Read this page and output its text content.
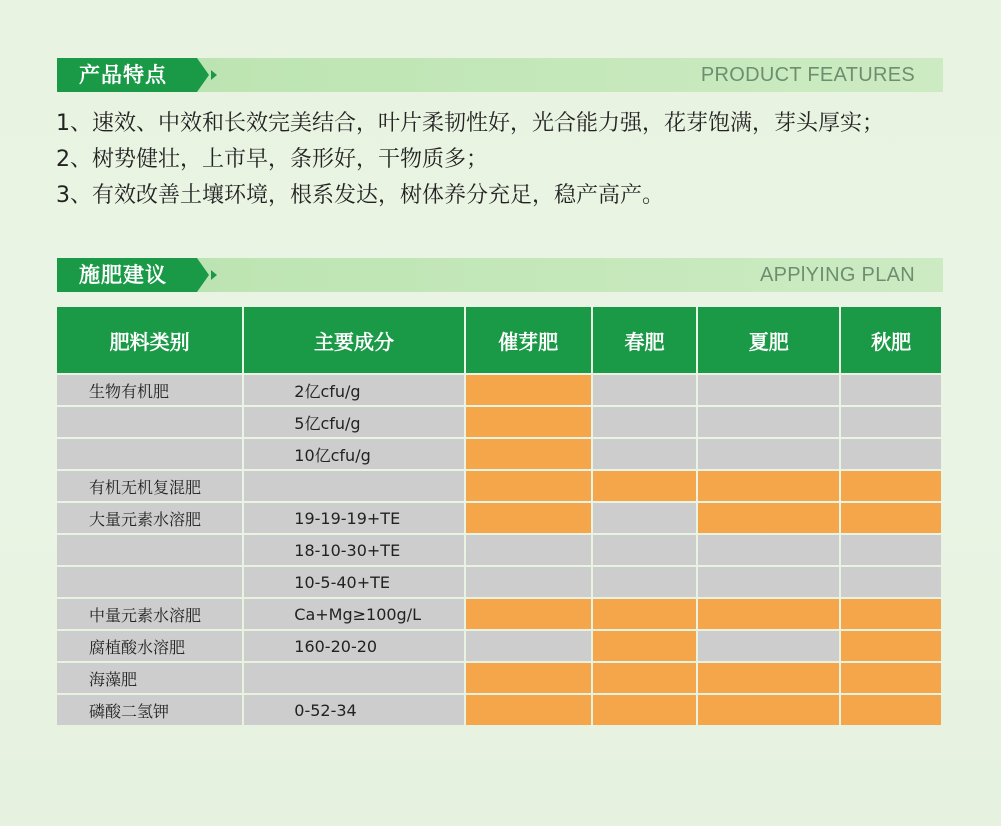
产品特点	PRODUCT FEATURES
1、速效、中效和长效完美结合，叶片柔韧性好，光合能力强，花芽饱满，芽头厚实；
2、树势健壮，上市早，条形好，干物质多；
3、有效改善土壤环境，根系发达，树体养分充足，稳产高产。
施肥建议	APPlYING PLAN
肥料类别	主要成分	催芽肥	春肥	夏肥	秋肥
生物有机肥	2亿cfu/g				
	5亿cfu/g				
	10亿cfu/g				
有机无机复混肥					
大量元素水溶肥	19-19-19+TE				
	18-10-30+TE				
	10-5-40+TE				
中量元素水溶肥	Ca+Mg≥100g/L				
腐植酸水溶肥	160-20-20				
海藻肥					
磷酸二氢钾	0-52-34				
